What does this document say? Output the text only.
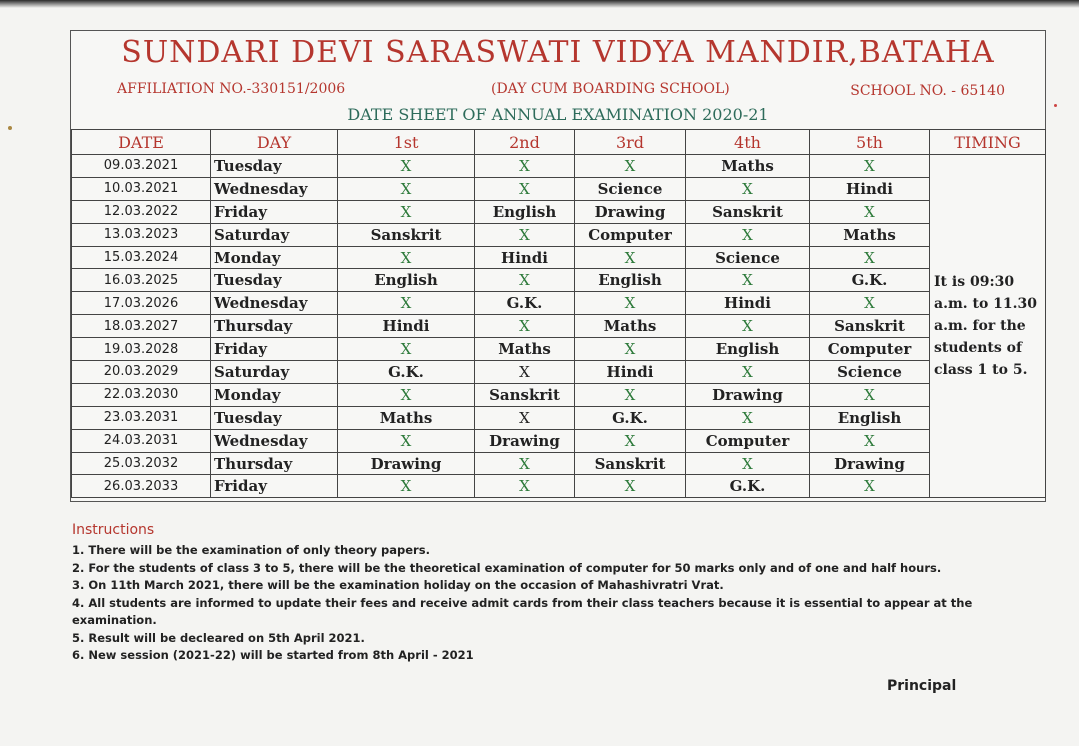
SUNDARI DEVI SARASWATI VIDYA MANDIR,BATAHA
AFFILIATION NO.-330151/2006	(DAY CUM BOARDING SCHOOL)	SCHOOL NO. - 65140
DATE SHEET OF ANNUAL EXAMINATION 2020-21
DATE	DAY	1st	2nd	3rd	4th	5th	TIMING
09.03.2021	Tuesday	X	X	X	Maths	X	It is 09:30 a.m. to 11.30 a.m. for the students of class 1 to 5.
10.03.2021	Wednesday	X	X	Science	X	Hindi	
12.03.2022	Friday	X	English	Drawing	Sanskrit	X	
13.03.2023	Saturday	Sanskrit	X	Computer	X	Maths	
15.03.2024	Monday	X	Hindi	X	Science	X	
16.03.2025	Tuesday	English	X	English	X	G.K.	
17.03.2026	Wednesday	X	G.K.	X	Hindi	X	
18.03.2027	Thursday	Hindi	X	Maths	X	Sanskrit	
19.03.2028	Friday	X	Maths	X	English	Computer	
20.03.2029	Saturday	G.K.	X	Hindi	X	Science	
22.03.2030	Monday	X	Sanskrit	X	Drawing	X	
23.03.2031	Tuesday	Maths	X	G.K.	X	English	
24.03.2031	Wednesday	X	Drawing	X	Computer	X	
25.03.2032	Thursday	Drawing	X	Sanskrit	X	Drawing	
26.03.2033	Friday	X	X	X	G.K.	X	
Instructions
1. There will be the examination of only theory papers.
2. For the students of class 3 to 5, there will be the theoretical examination of computer for 50 marks only and of one and half hours.
3. On 11th March 2021, there will be the examination holiday on the occasion of Mahashivratri Vrat.
4. All students are informed to update their fees and receive admit cards from their class teachers because it is essential to appear at the examination.
5. Result will be decleared on 5th April 2021.
6. New session (2021-22) will be started from 8th April - 2021
Principal
